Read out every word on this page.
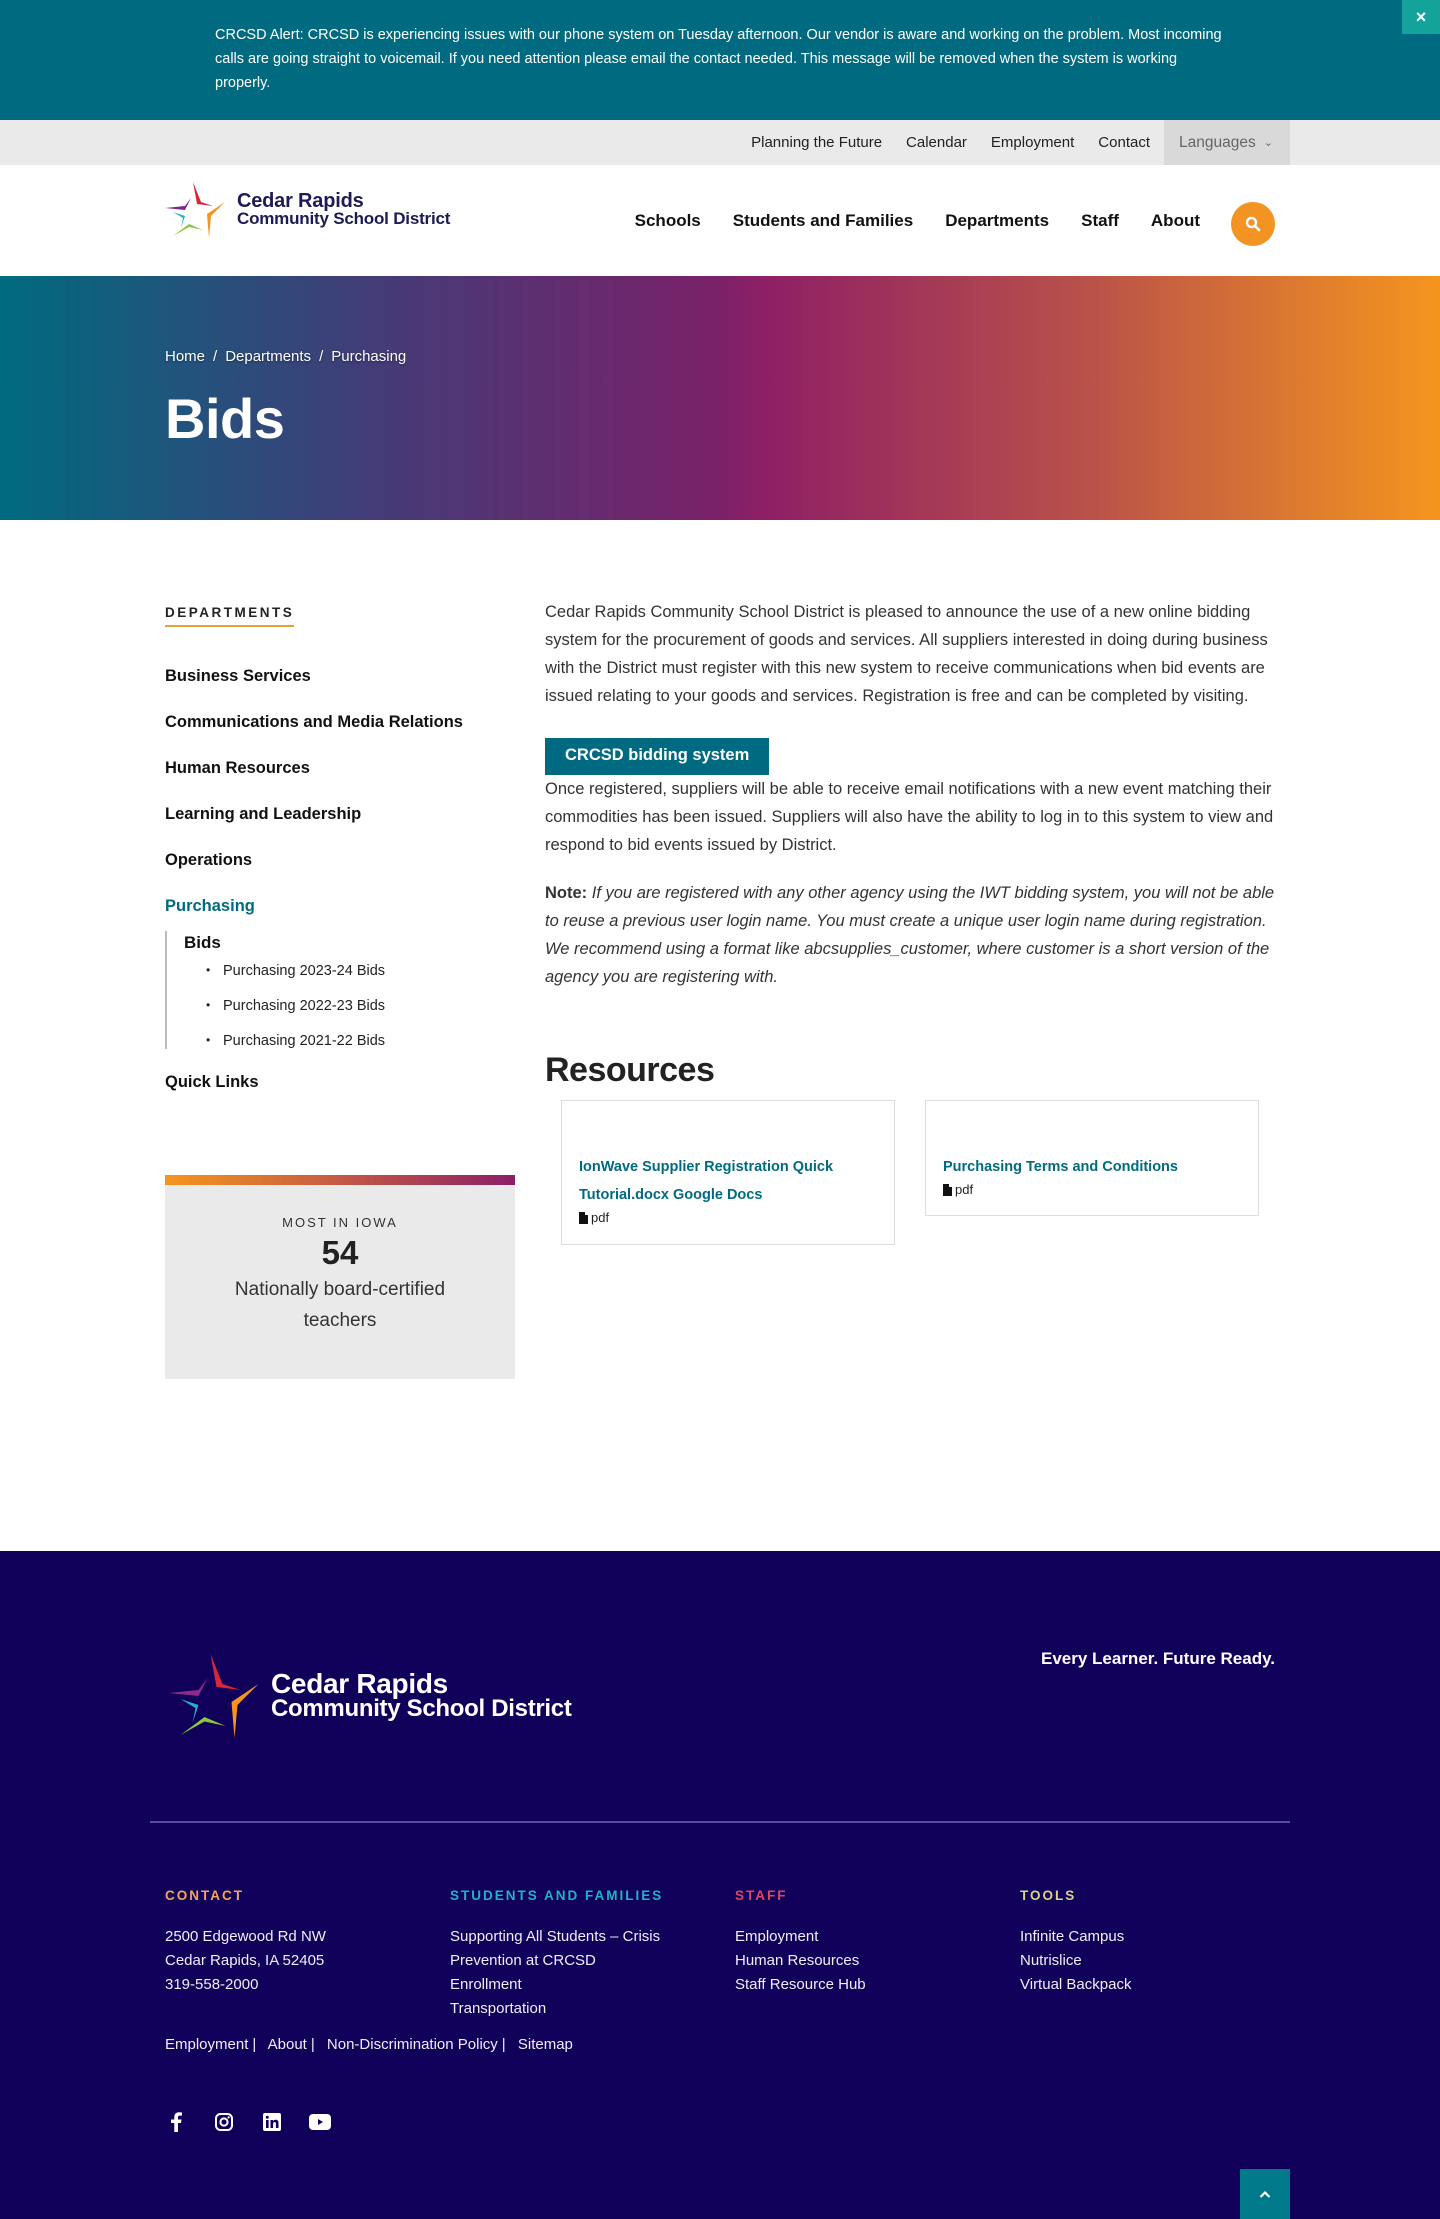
CRCSD Alert: CRCSD is experiencing issues with our phone system on Tuesday afternoon. Our vendor is aware and working on the problem. Most incoming calls are going straight to voicemail. If you need attention please email the contact needed. This message will be removed when the system is working properly.
×
Planning the Future Calendar Employment Contact Languages ⌄
Cedar Rapids
Community School District	Schools Students and Families Departments Staff About
Home / Departments / Purchasing
Bids
DEPARTMENTS
Business Services
Communications and Media Relations
Human Resources
Learning and Leadership
Operations
Purchasing
Bids
• Purchasing 2023-24 Bids
• Purchasing 2022-23 Bids
• Purchasing 2021-22 Bids
Quick Links
MOST IN IOWA
54
Nationally board-certified teachers

Cedar Rapids Community School District is pleased to announce the use of a new online bidding system for the procurement of goods and services. All suppliers interested in doing during business with the District must register with this new system to receive communications when bid events are issued relating to your goods and services. Registration is free and can be completed by visiting.

CRCSD bidding system

Once registered, suppliers will be able to receive email notifications with a new event matching their commodities has been issued. Suppliers will also have the ability to log in to this system to view and respond to bid events issued by District.

Note: If you are registered with any other agency using the IWT bidding system, you will not be able to reuse a previous user login name. You must create a unique user login name during registration. We recommend using a format like abcsupplies_customer, where customer is a short version of the agency you are registering with.

Resources
IonWave Supplier Registration Quick Tutorial.docx Google Docs
pdf
Purchasing Terms and Conditions
pdf
Cedar Rapids
Community School District
Every Learner. Future Ready.
CONTACT
2500 Edgewood Rd NW
Cedar Rapids, IA 52405
319-558-2000
STUDENTS AND FAMILIES
Supporting All Students – Crisis
Prevention at CRCSD
Enrollment
Transportation
STAFF
Employment
Human Resources
Staff Resource Hub
TOOLS
Infinite Campus
Nutrislice
Virtual Backpack
Employment | About | Non-Discrimination Policy | Sitemap
